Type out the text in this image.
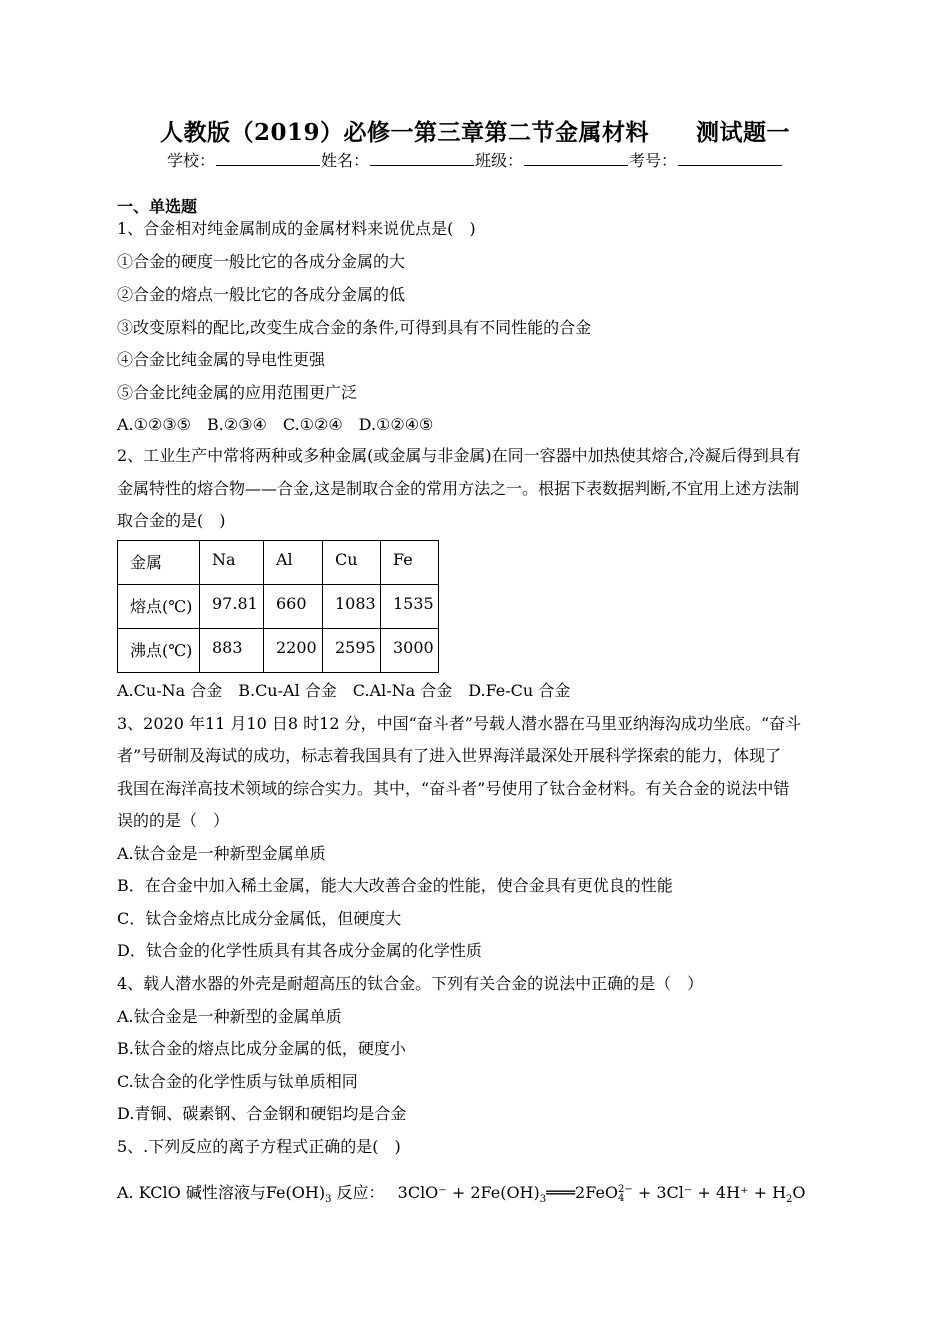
人教版（2019）必修一第三章第二节金属材料　　测试题一
学校：	姓名：	班级：	考号：
一、单选题
1、合金相对纯金属制成的金属材料来说优点是(　)
①合金的硬度一般比它的各成分金属的大
②合金的熔点一般比它的各成分金属的低
③改变原料的配比,改变生成合金的条件,可得到具有不同性能的合金
④合金比纯金属的导电性更强
⑤合金比纯金属的应用范围更广泛
A.①②③⑤　B.②③④　C.①②④　D.①②④⑤
2、工业生产中常将两种或多种金属(或金属与非金属)在同一容器中加热使其熔合,冷凝后得到具有
金属特性的熔合物——合金,这是制取合金的常用方法之一。根据下表数据判断,不宜用上述方法制
取合金的是(　)
金属	Na	Al	Cu	Fe
熔点(℃)	97.81	660	1083	1535
沸点(℃)	883	2200	2595	3000
A.Cu-Na 合金　B.Cu-Al 合金　C.Al-Na 合金　D.Fe-Cu 合金
3、2020 年11 月10 日8 时12 分，中国“奋斗者”号载人潜水器在马里亚纳海沟成功坐底。“奋斗
者”号研制及海试的成功，标志着我国具有了进入世界海洋最深处开展科学探索的能力，体现了
我国在海洋高技术领域的综合实力。其中，“奋斗者”号使用了钛合金材料。有关合金的说法中错
误的的是（　）
A.钛合金是一种新型金属单质
B．在合金中加入稀土金属，能大大改善合金的性能，使合金具有更优良的性能
C．钛合金熔点比成分金属低，但硬度大
D．钛合金的化学性质具有其各成分金属的化学性质
4、载人潜水器的外壳是耐超高压的钛合金。下列有关合金的说法中正确的是（　）
A.钛合金是一种新型的金属单质
B.钛合金的熔点比成分金属的低，硬度小
C.钛合金的化学性质与钛单质相同
D.青铜、碳素钢、合金钢和硬铝均是合金
5、.下列反应的离子方程式正确的是(　)
A. KClO 碱性溶液与$Fe(OH)_3$ 反应： $3ClO^- + 2Fe(OH)_3═══2FeO$ 2−
$4 + 3Cl^- + 4H^+ + H_2O$
